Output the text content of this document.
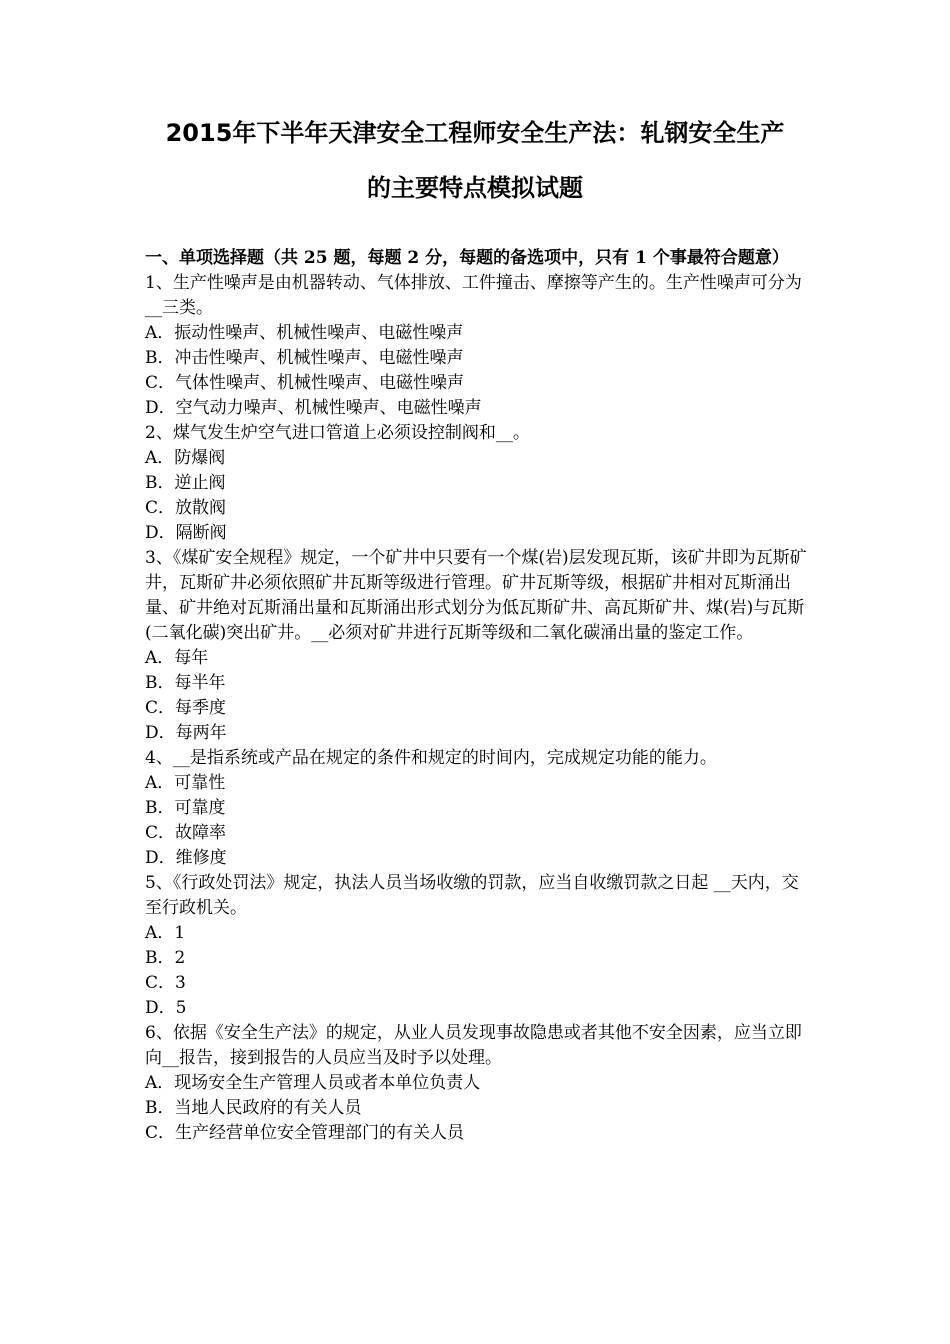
2015年下半年天津安全工程师安全生产法：轧钢安全生产
的主要特点模拟试题

一、单项选择题（共 25 题，每题 2 分，每题的备选项中，只有 1 个事最符合题意）

1、生产性噪声是由机器转动、气体排放、工件撞击、摩擦等产生的。生产性噪声可分为__三类。

A．振动性噪声、机械性噪声、电磁性噪声

B．冲击性噪声、机械性噪声、电磁性噪声

C．气体性噪声、机械性噪声、电磁性噪声

D．空气动力噪声、机械性噪声、电磁性噪声

2、煤气发生炉空气进口管道上必须设控制阀和__。

A．防爆阀

B．逆止阀

C．放散阀

D．隔断阀

3、《煤矿安全规程》规定，一个矿井中只要有一个煤(岩)层发现瓦斯，该矿井即为瓦斯矿井，瓦斯矿井必须依照矿井瓦斯等级进行管理。矿井瓦斯等级，根据矿井相对瓦斯涌出量、矿井绝对瓦斯涌出量和瓦斯涌出形式划分为低瓦斯矿井、高瓦斯矿井、煤(岩)与瓦斯(二氧化碳)突出矿井。__必须对矿井进行瓦斯等级和二氧化碳涌出量的鉴定工作。

A．每年

B．每半年

C．每季度

D．每两年

4、__是指系统或产品在规定的条件和规定的时间内，完成规定功能的能力。

A．可靠性

B．可靠度

C．故障率

D．维修度

5、《行政处罚法》规定，执法人员当场收缴的罚款，应当自收缴罚款之日起 __天内，交至行政机关。

A．1

B．2

C．3

D．5

6、依据《安全生产法》的规定，从业人员发现事故隐患或者其他不安全因素，应当立即向__报告，接到报告的人员应当及时予以处理。

A．现场安全生产管理人员或者本单位负责人

B．当地人民政府的有关人员

C．生产经营单位安全管理部门的有关人员
